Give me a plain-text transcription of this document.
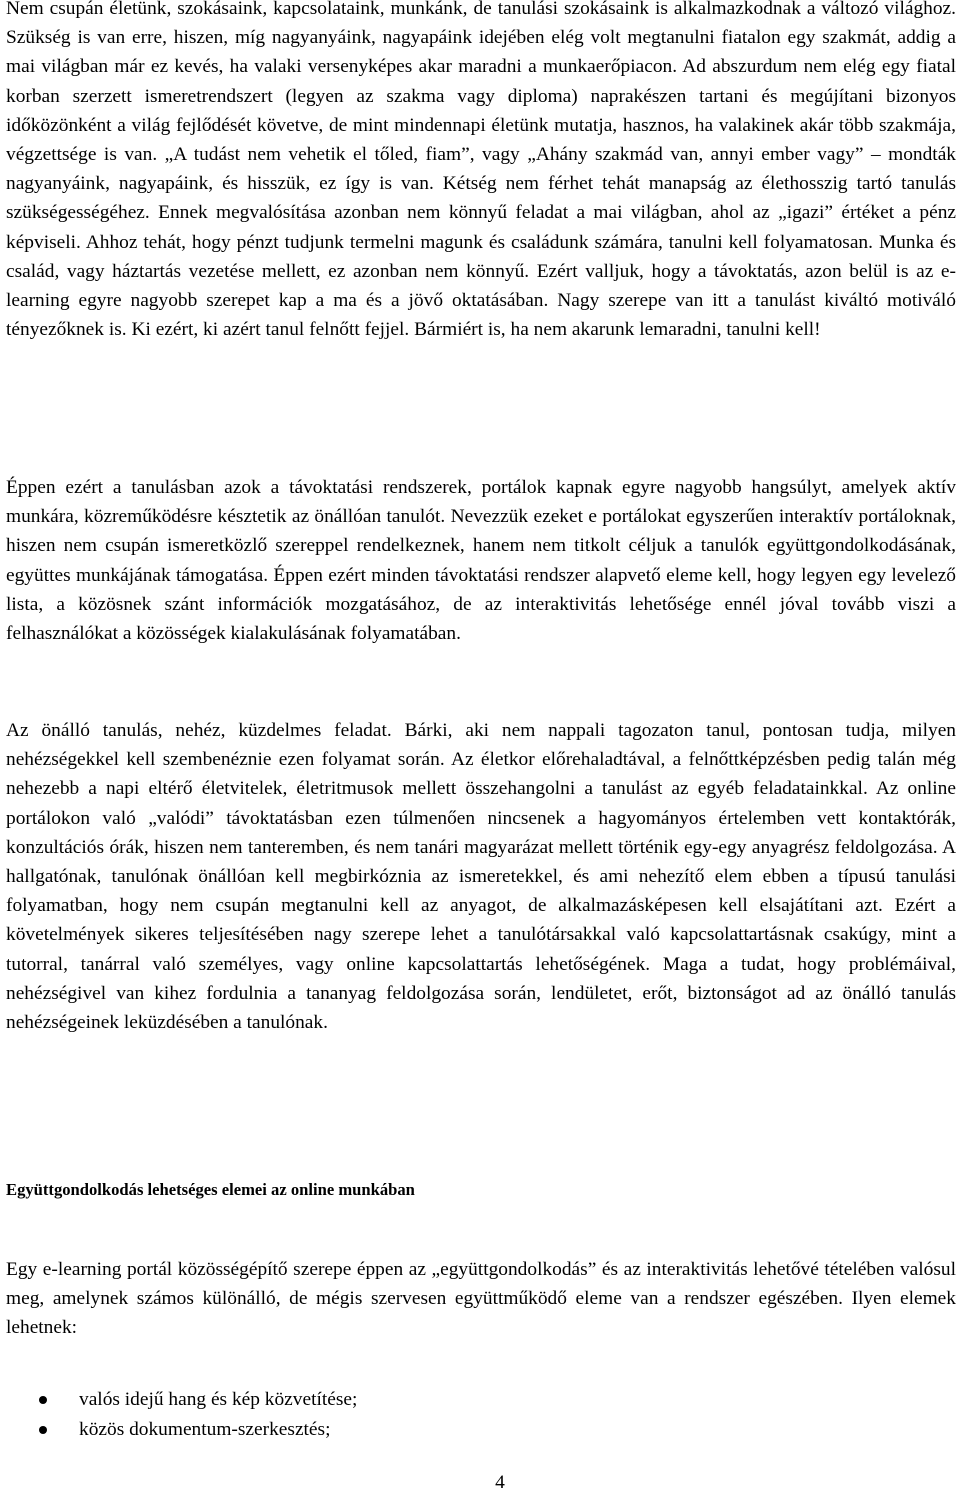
Nem csupán életünk, szokásaink, kapcsolataink, munkánk, de tanulási szokásaink is alkalmazkodnak a változó világhoz. Szükség is van erre, hiszen, míg nagyanyáink, nagyapáink idejében elég volt megtanulni fiatalon egy szakmát, addig a mai világban már ez kevés, ha valaki versenyképes akar maradni a munkaerőpiacon. Ad abszurdum nem elég egy fiatal korban szerzett ismeretrendszert (legyen az szakma vagy diploma) naprakészen tartani és megújítani bizonyos időközönként a világ fejlődését követve, de mint mindennapi életünk mutatja, hasznos, ha valakinek akár több szakmája, végzettsége is van. „A tudást nem vehetik el tőled, fiam”, vagy „Ahány szakmád van, annyi ember vagy” – mondták nagyanyáink, nagyapáink, és hisszük, ez így is van. Kétség nem férhet tehát manapság az élethosszig tartó tanulás szükségességéhez. Ennek megvalósítása azonban nem könnyű feladat a mai világban, ahol az „igazi” értéket a pénz képviseli. Ahhoz tehát, hogy pénzt tudjunk termelni magunk és családunk számára, tanulni kell folyamatosan. Munka és család, vagy háztartás vezetése mellett, ez azonban nem könnyű. Ezért valljuk, hogy a távoktatás, azon belül is az e-learning egyre nagyobb szerepet kap a ma és a jövő oktatásában. Nagy szerepe van itt a tanulást kiváltó motiváló tényezőknek is. Ki ezért, ki azért tanul felnőtt fejjel. Bármiért is, ha nem akarunk lemaradni, tanulni kell!

Éppen ezért a tanulásban azok a távoktatási rendszerek, portálok kapnak egyre nagyobb hangsúlyt, amelyek aktív munkára, közreműködésre késztetik az önállóan tanulót. Nevezzük ezeket e portálokat egyszerűen interaktív portáloknak, hiszen nem csupán ismeretközlő szereppel rendelkeznek, hanem nem titkolt céljuk a tanulók együttgondolkodásának, együttes munkájának támogatása. Éppen ezért minden távoktatási rendszer alapvető eleme kell, hogy legyen egy levelező lista, a közösnek szánt információk mozgatásához, de az interaktivitás lehetősége ennél jóval tovább viszi a felhasználókat a közösségek kialakulásának folyamatában.

Az önálló tanulás, nehéz, küzdelmes feladat. Bárki, aki nem nappali tagozaton tanul, pontosan tudja, milyen nehézségekkel kell szembenéznie ezen folyamat során. Az életkor előrehaladtával, a felnőttképzésben pedig talán még nehezebb a napi eltérő életvitelek, életritmusok mellett összehangolni a tanulást az egyéb feladatainkkal. Az online portálokon való „valódi” távoktatásban ezen túlmenően nincsenek a hagyományos értelemben vett kontaktórák, konzultációs órák, hiszen nem tanteremben, és nem tanári magyarázat mellett történik egy-egy anyagrész feldolgozása. A hallgatónak, tanulónak önállóan kell megbirkóznia az ismeretekkel, és ami nehezítő elem ebben a típusú tanulási folyamatban, hogy nem csupán megtanulni kell az anyagot, de alkalmazásképesen kell elsajátítani azt. Ezért a követelmények sikeres teljesítésében nagy szerepe lehet a tanulótársakkal való kapcsolattartásnak csakúgy, mint a tutorral, tanárral való személyes, vagy online kapcsolattartás lehetőségének. Maga a tudat, hogy problémáival, nehézségivel van kihez fordulnia a tananyag feldolgozása során, lendületet, erőt, biztonságot ad az önálló tanulás nehézségeinek leküzdésében a tanulónak.

Együttgondolkodás lehetséges elemei az online munkában

Egy e-learning portál közösségépítő szerepe éppen az „együttgondolkodás” és az interaktivitás lehetővé tételében valósul meg, amelynek számos különálló, de mégis szervesen együttműködő eleme van a rendszer egészében. Ilyen elemek lehetnek:

valós idejű hang és kép közvetítése;
közös dokumentum-szerkesztés;
4
